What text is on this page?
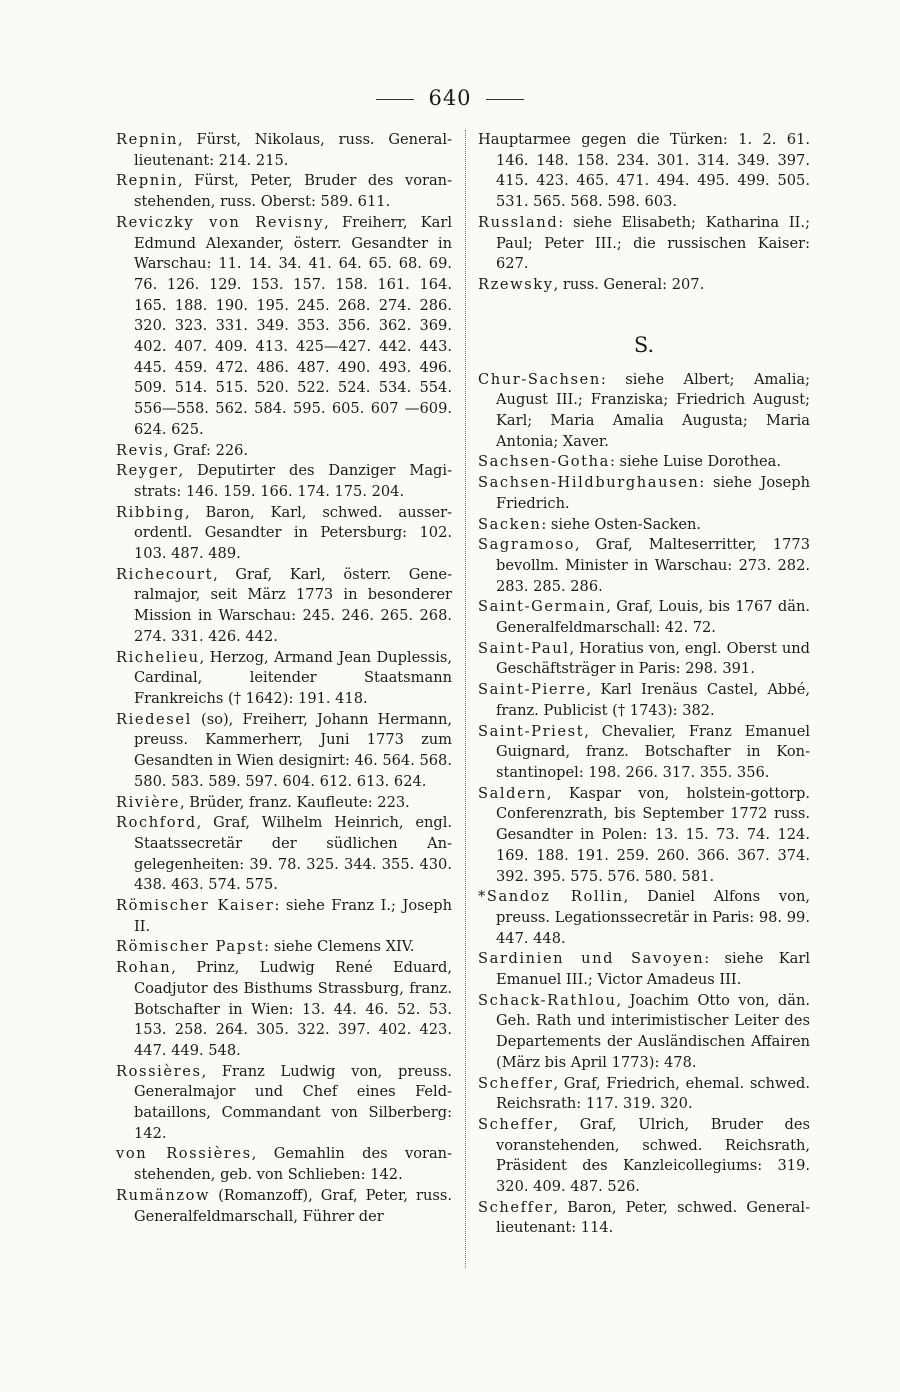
640

Repnin, Fürst, Nikolaus, russ. Generallieutenant: 214. 215.

Repnin, Fürst, Peter, Bruder des voranstehenden, russ. Oberst: 589. 611.

Reviczky von Revisny, Freiherr, Karl Edmund Alexander, österr. Gesandter in Warschau: 11. 14. 34. 41. 64. 65. 68. 69. 76. 126. 129. 153. 157. 158. 161. 164. 165. 188. 190. 195. 245. 268. 274. 286. 320. 323. 331. 349. 353. 356. 362. 369. 402. 407. 409. 413. 425—427. 442. 443. 445. 459. 472. 486. 487. 490. 493. 496. 509. 514. 515. 520. 522. 524. 534. 554. 556—558. 562. 584. 595. 605. 607 —609. 624. 625.

Revis, Graf: 226.

Reyger, Deputirter des Danziger Magistrats: 146. 159. 166. 174. 175. 204.

Ribbing, Baron, Karl, schwed. ausserordentl. Gesandter in Petersburg: 102. 103. 487. 489.

Richecourt, Graf, Karl, österr. Generalmajor, seit März 1773 in besonderer Mission in Warschau: 245. 246. 265. 268. 274. 331. 426. 442.

Richelieu, Herzog, Armand Jean Duplessis, Cardinal, leitender Staatsmann Frankreichs († 1642): 191. 418.

Riedesel (so), Freiherr, Johann Hermann, preuss. Kammerherr, Juni 1773 zum Gesandten in Wien designirt: 46. 564. 568. 580. 583. 589. 597. 604. 612. 613. 624.

Rivière, Brüder, franz. Kaufleute: 223.

Rochford, Graf, Wilhelm Heinrich, engl. Staatssecretär der südlichen Angelegenheiten: 39. 78. 325. 344. 355. 430. 438. 463. 574. 575.

Römischer Kaiser: siehe Franz I.; Joseph II.

Römischer Papst: siehe Clemens XIV.

Rohan, Prinz, Ludwig René Eduard, Coadjutor des Bisthums Strassburg, franz. Botschafter in Wien: 13. 44. 46. 52. 53. 153. 258. 264. 305. 322. 397. 402. 423. 447. 449. 548.

Rossières, Franz Ludwig von, preuss. Generalmajor und Chef eines Feldbataillons, Commandant von Silberberg: 142.

von Rossières, Gemahlin des voranstehenden, geb. von Schlieben: 142.

Rumänzow (Romanzoff), Graf, Peter, russ. Generalfeldmarschall, Führer der

Hauptarmee gegen die Türken: 1. 2. 61. 146. 148. 158. 234. 301. 314. 349. 397. 415. 423. 465. 471. 494. 495. 499. 505. 531. 565. 568. 598. 603.

Russland: siehe Elisabeth; Katharina II.; Paul; Peter III.; die russischen Kaiser: 627.

Rzewsky, russ. General: 207.

S.

Chur-Sachsen: siehe Albert; Amalia; August III.; Franziska; Friedrich August; Karl; Maria Amalia Augusta; Maria Antonia; Xaver.

Sachsen-Gotha: siehe Luise Dorothea.

Sachsen-Hildburghausen: siehe Joseph Friedrich.

Sacken: siehe Osten-Sacken.

Sagramoso, Graf, Malteserritter, 1773 bevollm. Minister in Warschau: 273. 282. 283. 285. 286.

Saint-Germain, Graf, Louis, bis 1767 dän. Generalfeldmarschall: 42. 72.

Saint-Paul, Horatius von, engl. Oberst und Geschäftsträger in Paris: 298. 391.

Saint-Pierre, Karl Irenäus Castel, Abbé, franz. Publicist († 1743): 382.

Saint-Priest, Chevalier, Franz Emanuel Guignard, franz. Botschafter in Konstantinopel: 198. 266. 317. 355. 356.

Saldern, Kaspar von, holstein-gottorp. Conferenzrath, bis September 1772 russ. Gesandter in Polen: 13. 15. 73. 74. 124. 169. 188. 191. 259. 260. 366. 367. 374. 392. 395. 575. 576. 580. 581.

*Sandoz Rollin, Daniel Alfons von, preuss. Legationssecretär in Paris: 98. 99. 447. 448.

Sardinien und Savoyen: siehe Karl Emanuel III.; Victor Amadeus III.

Schack-Rathlou, Joachim Otto von, dän. Geh. Rath und interimistischer Leiter des Departements der Ausländischen Affairen (März bis April 1773): 478.

Scheffer, Graf, Friedrich, ehemal. schwed. Reichsrath: 117. 319. 320.

Scheffer, Graf, Ulrich, Bruder des voranstehenden, schwed. Reichsrath, Präsident des Kanzleicollegiums: 319. 320. 409. 487. 526.

Scheffer, Baron, Peter, schwed. Generallieutenant: 114.
